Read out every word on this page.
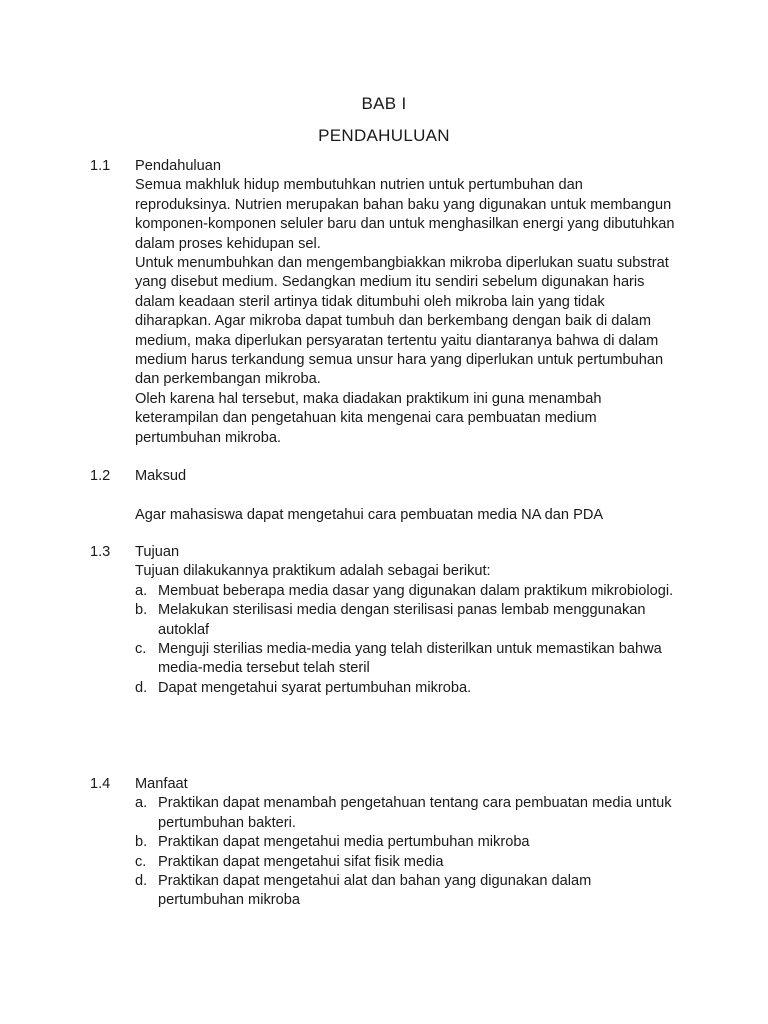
BAB I
PENDAHULUAN
1.1 Pendahuluan

Semua makhluk hidup membutuhkan nutrien untuk pertumbuhan dan reproduksinya. Nutrien merupakan bahan baku yang digunakan untuk membangun komponen-komponen seluler baru dan untuk menghasilkan energi yang dibutuhkan dalam proses kehidupan sel.

Untuk menumbuhkan dan mengembangbiakkan mikroba diperlukan suatu substrat yang disebut medium. Sedangkan medium itu sendiri sebelum digunakan haris dalam keadaan steril artinya tidak ditumbuhi oleh mikroba lain yang tidak diharapkan. Agar mikroba dapat tumbuh dan berkembang dengan baik di dalam medium, maka diperlukan persyaratan tertentu yaitu diantaranya bahwa di dalam medium harus terkandung semua unsur hara yang diperlukan untuk pertumbuhan dan perkembangan mikroba.

Oleh karena hal tersebut, maka diadakan praktikum ini guna menambah keterampilan dan pengetahuan kita mengenai cara pembuatan medium pertumbuhan mikroba.

1.2 Maksud

Agar mahasiswa dapat mengetahui cara pembuatan media NA dan PDA

1.3 Tujuan

Tujuan dilakukannya praktikum adalah sebagai berikut:

a. Membuat beberapa media dasar yang digunakan dalam praktikum mikrobiologi.
b. Melakukan sterilisasi media dengan sterilisasi panas lembab menggunakan autoklaf
c. Menguji sterilias media-media yang telah disterilkan untuk memastikan bahwa media-media tersebut telah steril
d. Dapat mengetahui syarat pertumbuhan mikroba.
1.4 Manfaat

a. Praktikan dapat menambah pengetahuan tentang cara pembuatan media untuk pertumbuhan bakteri.
b. Praktikan dapat mengetahui media pertumbuhan mikroba
c. Praktikan dapat mengetahui sifat fisik media
d. Praktikan dapat mengetahui alat dan bahan yang digunakan dalam pertumbuhan mikroba
